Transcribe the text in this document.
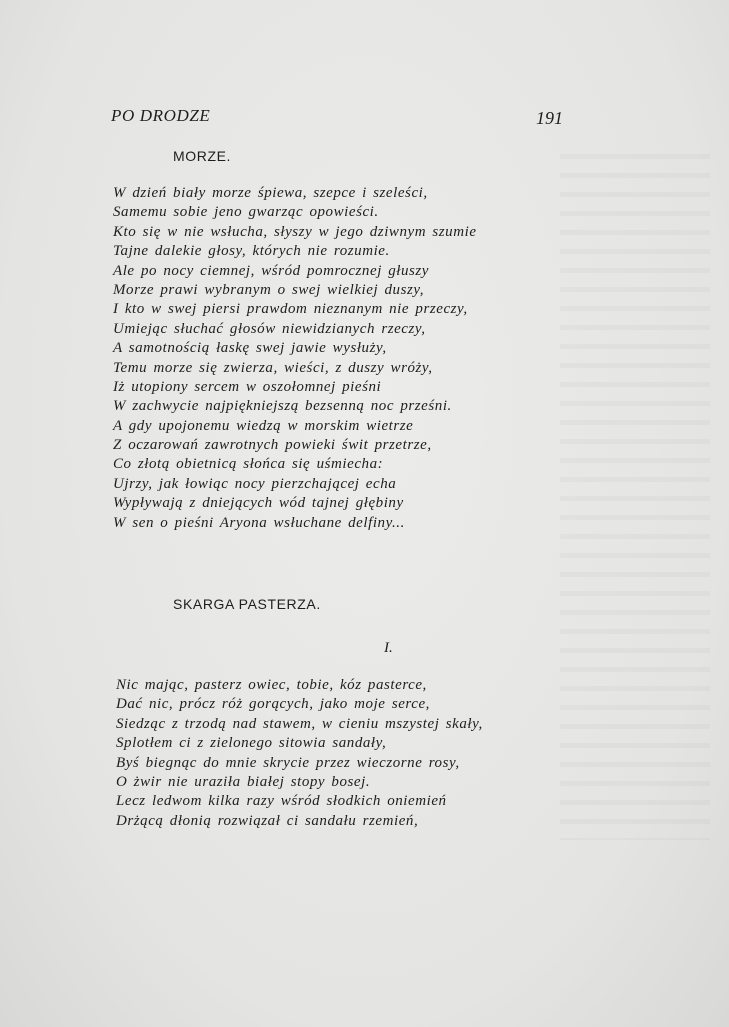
PO DRODZE	191
MORZE.
W dzień biały morze śpiewa, szepce i szeleści,
Samemu sobie jeno gwarząc opowieści.
Kto się w nie wsłucha, słyszy w jego dziwnym szumie
Tajne dalekie głosy, których nie rozumie.
Ale po nocy ciemnej, wśród pomrocznej głuszy
Morze prawi wybranym o swej wielkiej duszy,
I kto w swej piersi prawdom nieznanym nie przeczy,
Umiejąc słuchać głosów niewidzianych rzeczy,
A samotnością łaskę swej jawie wysłuży,
Temu morze się zwierza, wieści, z duszy wróży,
Iż utopiony sercem w oszołomnej pieśni
W zachwycie najpiękniejszą bezsenną noc prześni.
A gdy upojonemu wiedzą w morskim wietrze
Z oczarowań zawrotnych powieki świt przetrze,
Co złotą obietnicą słońca się uśmiecha:
Ujrzy, jak łowiąc nocy pierzchającej echa
Wypływają z dniejących wód tajnej głębiny
W sen o pieśni Aryona wsłuchane delfiny...
SKARGA PASTERZA.
I.
Nic mając, pasterz owiec, tobie, kóz pasterce,
Dać nic, prócz róż gorących, jako moje serce,
Siedząc z trzodą nad stawem, w cieniu mszystej skały,
Splotłem ci z zielonego sitowia sandały,
Byś biegnąc do mnie skrycie przez wieczorne rosy,
O żwir nie uraziła białej stopy bosej.
Lecz ledwom kilka razy wśród słodkich oniemień
Drżącą dłonią rozwiązał ci sandału rzemień,
